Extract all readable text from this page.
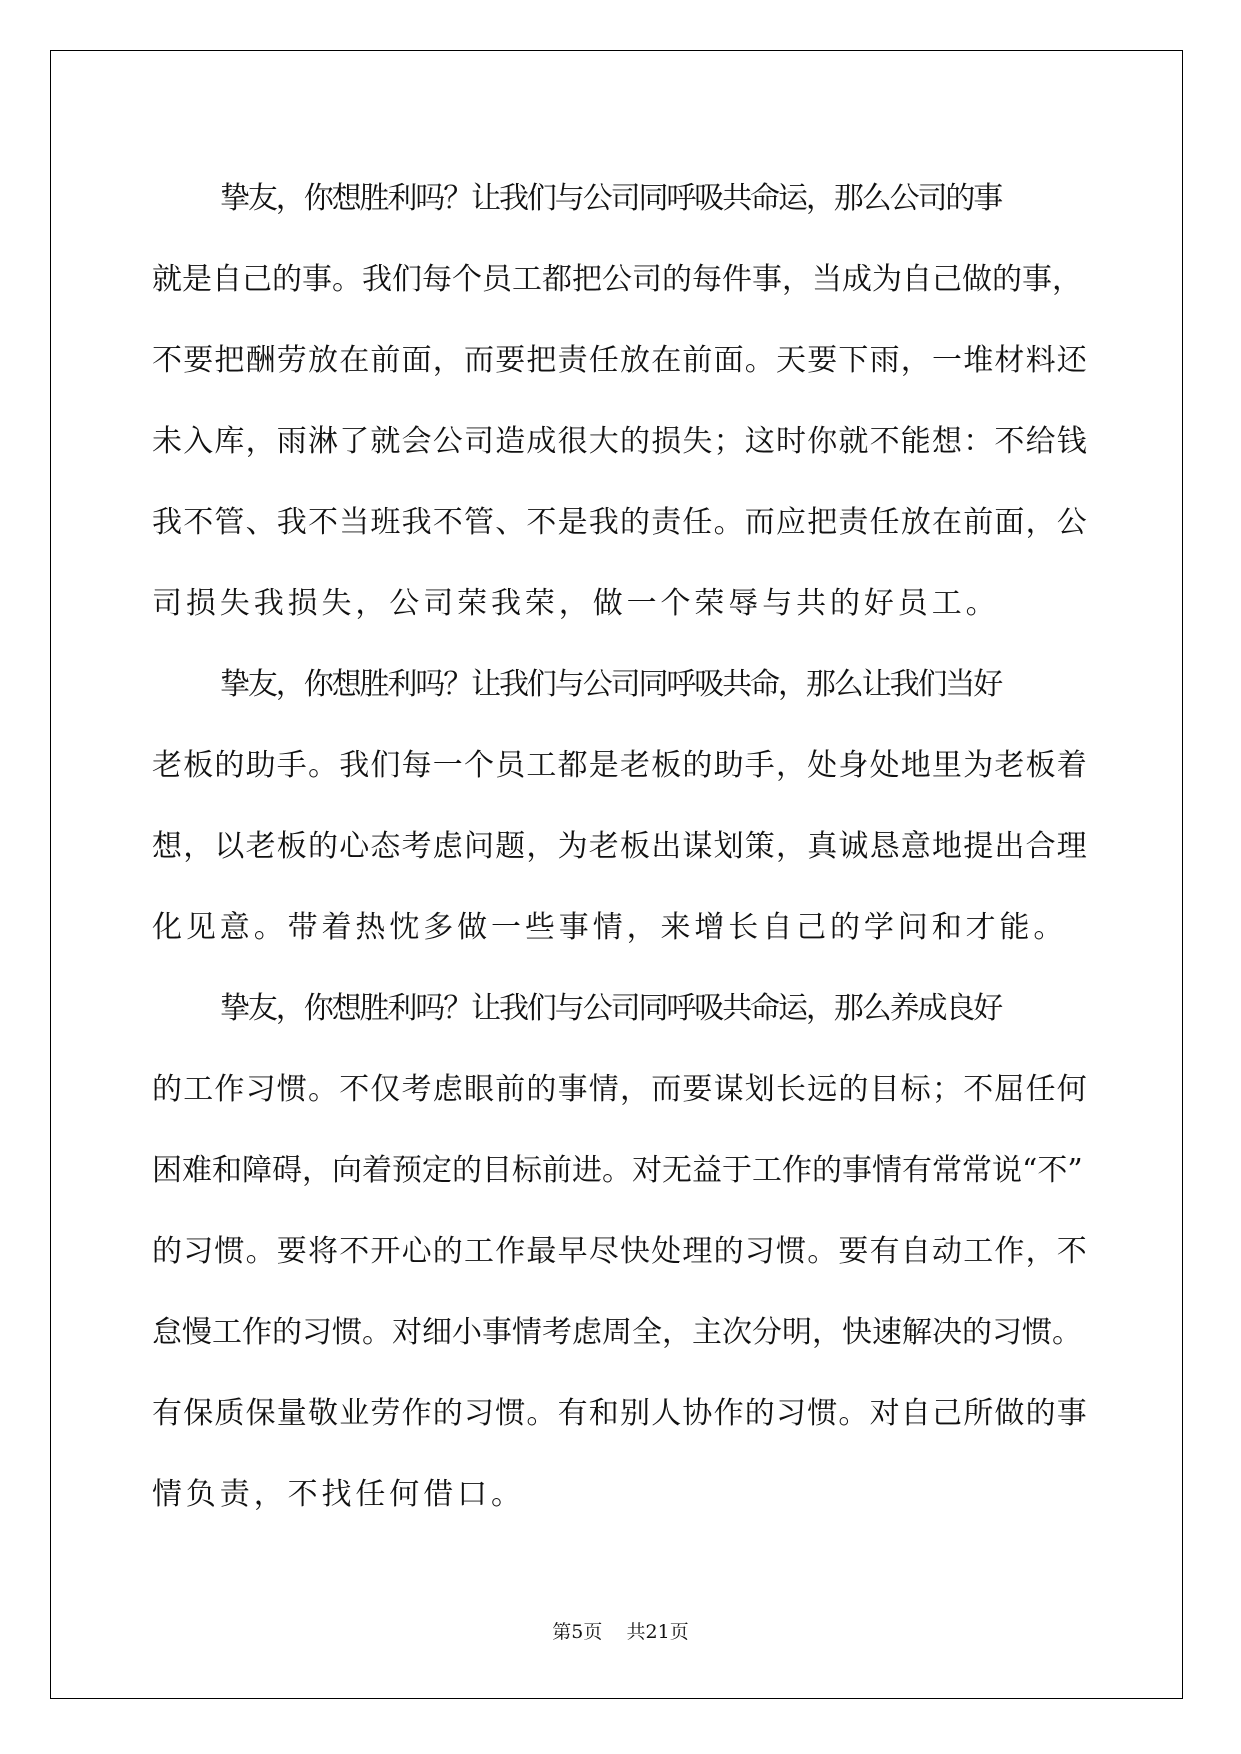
挚友，你想胜利吗？让我们与公司同呼吸共命运，那么公司的事
就是自己的事。我们每个员工都把公司的每件事，当成为自己做的事，
不要把酬劳放在前面，而要把责任放在前面。天要下雨，一堆材料还
未入库，雨淋了就会公司造成很大的损失；这时你就不能想：不给钱
我不管、我不当班我不管、不是我的责任。而应把责任放在前面，公
司损失我损失，公司荣我荣，做一个荣辱与共的好员工。

挚友，你想胜利吗？让我们与公司同呼吸共命，那么让我们当好
老板的助手。我们每一个员工都是老板的助手，处身处地里为老板着
想，以老板的心态考虑问题，为老板出谋划策，真诚恳意地提出合理
化见意。带着热忱多做一些事情，来增长自己的学问和才能。

挚友，你想胜利吗？让我们与公司同呼吸共命运，那么养成良好
的工作习惯。不仅考虑眼前的事情，而要谋划长远的目标；不屈任何
困难和障碍，向着预定的目标前进。对无益于工作的事情有常常说“不”
的习惯。要将不开心的工作最早尽快处理的习惯。要有自动工作，不
怠慢工作的习惯。对细小事情考虑周全，主次分明，快速解决的习惯。
有保质保量敬业劳作的习惯。有和别人协作的习惯。对自己所做的事
情负责，不找任何借口。

第5页 共21页
